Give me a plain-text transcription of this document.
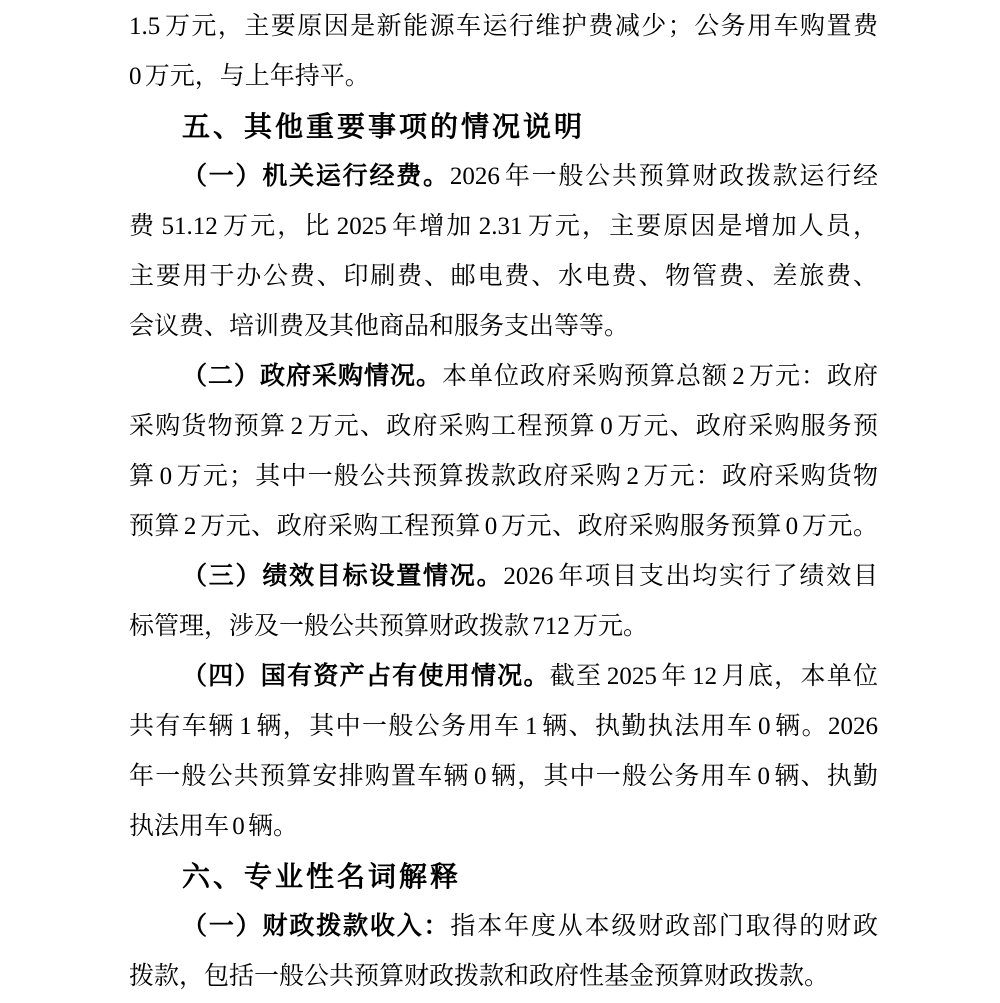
1.5 万元，主要原因是新能源车运行维护费减少；公务用车购置费
0 万元，与上年持平。
五、其他重要事项的情况说明
（一）机关运行经费。2026 年一般公共预算财政拨款运行经
费 51.12 万元，比 2025 年增加 2.31 万元，主要原因是增加人员，
主要用于办公费、印刷费、邮电费、水电费、物管费、差旅费、
会议费、培训费及其他商品和服务支出等等。
（二）政府采购情况。本单位政府采购预算总额 2 万元：政府
采购货物预算 2 万元、政府采购工程预算 0 万元、政府采购服务预
算 0 万元；其中一般公共预算拨款政府采购 2 万元：政府采购货物
预算 2 万元、政府采购工程预算 0 万元、政府采购服务预算 0 万元。
（三）绩效目标设置情况。2026 年项目支出均实行了绩效目
标管理，涉及一般公共预算财政拨款 712 万元。
（四）国有资产占有使用情况。截至 2025 年 12 月底，本单位
共有车辆 1 辆，其中一般公务用车 1 辆、执勤执法用车 0 辆。2026
年一般公共预算安排购置车辆 0 辆，其中一般公务用车 0 辆、执勤
执法用车 0 辆。
六、专业性名词解释
（一）财政拨款收入：指本年度从本级财政部门取得的财政
拨款，包括一般公共预算财政拨款和政府性基金预算财政拨款。
